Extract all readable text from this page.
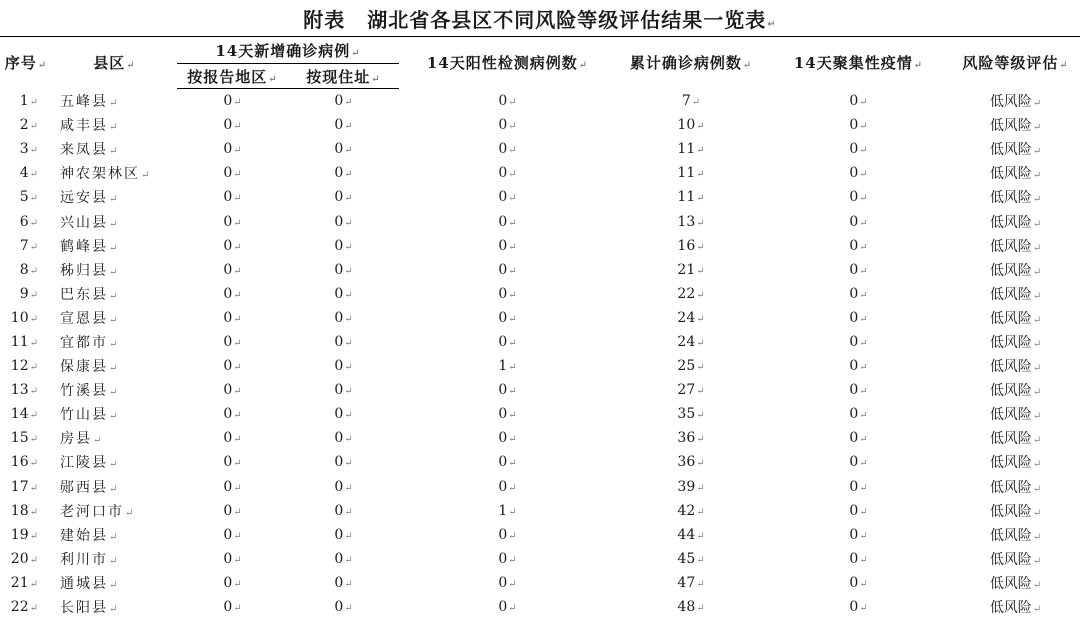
附表 湖北省各县区不同风险等级评估结果一览表↵
序号↵	县区↵	14天新增确诊病例↵		14天阳性检测病例数↵	累计确诊病例数↵	14天聚集性疫情↵	风险等级评估↵
		按报告地区↵	按现住址↵				
1↵	五峰县↵	0↵	0↵	0↵	7↵	0↵	低风险↵
2↵	咸丰县↵	0↵	0↵	0↵	10↵	0↵	低风险↵
3↵	来凤县↵	0↵	0↵	0↵	11↵	0↵	低风险↵
4↵	神农架林区↵	0↵	0↵	0↵	11↵	0↵	低风险↵
5↵	远安县↵	0↵	0↵	0↵	11↵	0↵	低风险↵
6↵	兴山县↵	0↵	0↵	0↵	13↵	0↵	低风险↵
7↵	鹤峰县↵	0↵	0↵	0↵	16↵	0↵	低风险↵
8↵	秭归县↵	0↵	0↵	0↵	21↵	0↵	低风险↵
9↵	巴东县↵	0↵	0↵	0↵	22↵	0↵	低风险↵
10↵	宣恩县↵	0↵	0↵	0↵	24↵	0↵	低风险↵
11↵	宜都市↵	0↵	0↵	0↵	24↵	0↵	低风险↵
12↵	保康县↵	0↵	0↵	1↵	25↵	0↵	低风险↵
13↵	竹溪县↵	0↵	0↵	0↵	27↵	0↵	低风险↵
14↵	竹山县↵	0↵	0↵	0↵	35↵	0↵	低风险↵
15↵	房县↵	0↵	0↵	0↵	36↵	0↵	低风险↵
16↵	江陵县↵	0↵	0↵	0↵	36↵	0↵	低风险↵
17↵	郧西县↵	0↵	0↵	0↵	39↵	0↵	低风险↵
18↵	老河口市↵	0↵	0↵	1↵	42↵	0↵	低风险↵
19↵	建始县↵	0↵	0↵	0↵	44↵	0↵	低风险↵
20↵	利川市↵	0↵	0↵	0↵	45↵	0↵	低风险↵
21↵	通城县↵	0↵	0↵	0↵	47↵	0↵	低风险↵
22↵	长阳县↵	0↵	0↵	0↵	48↵	0↵	低风险↵
